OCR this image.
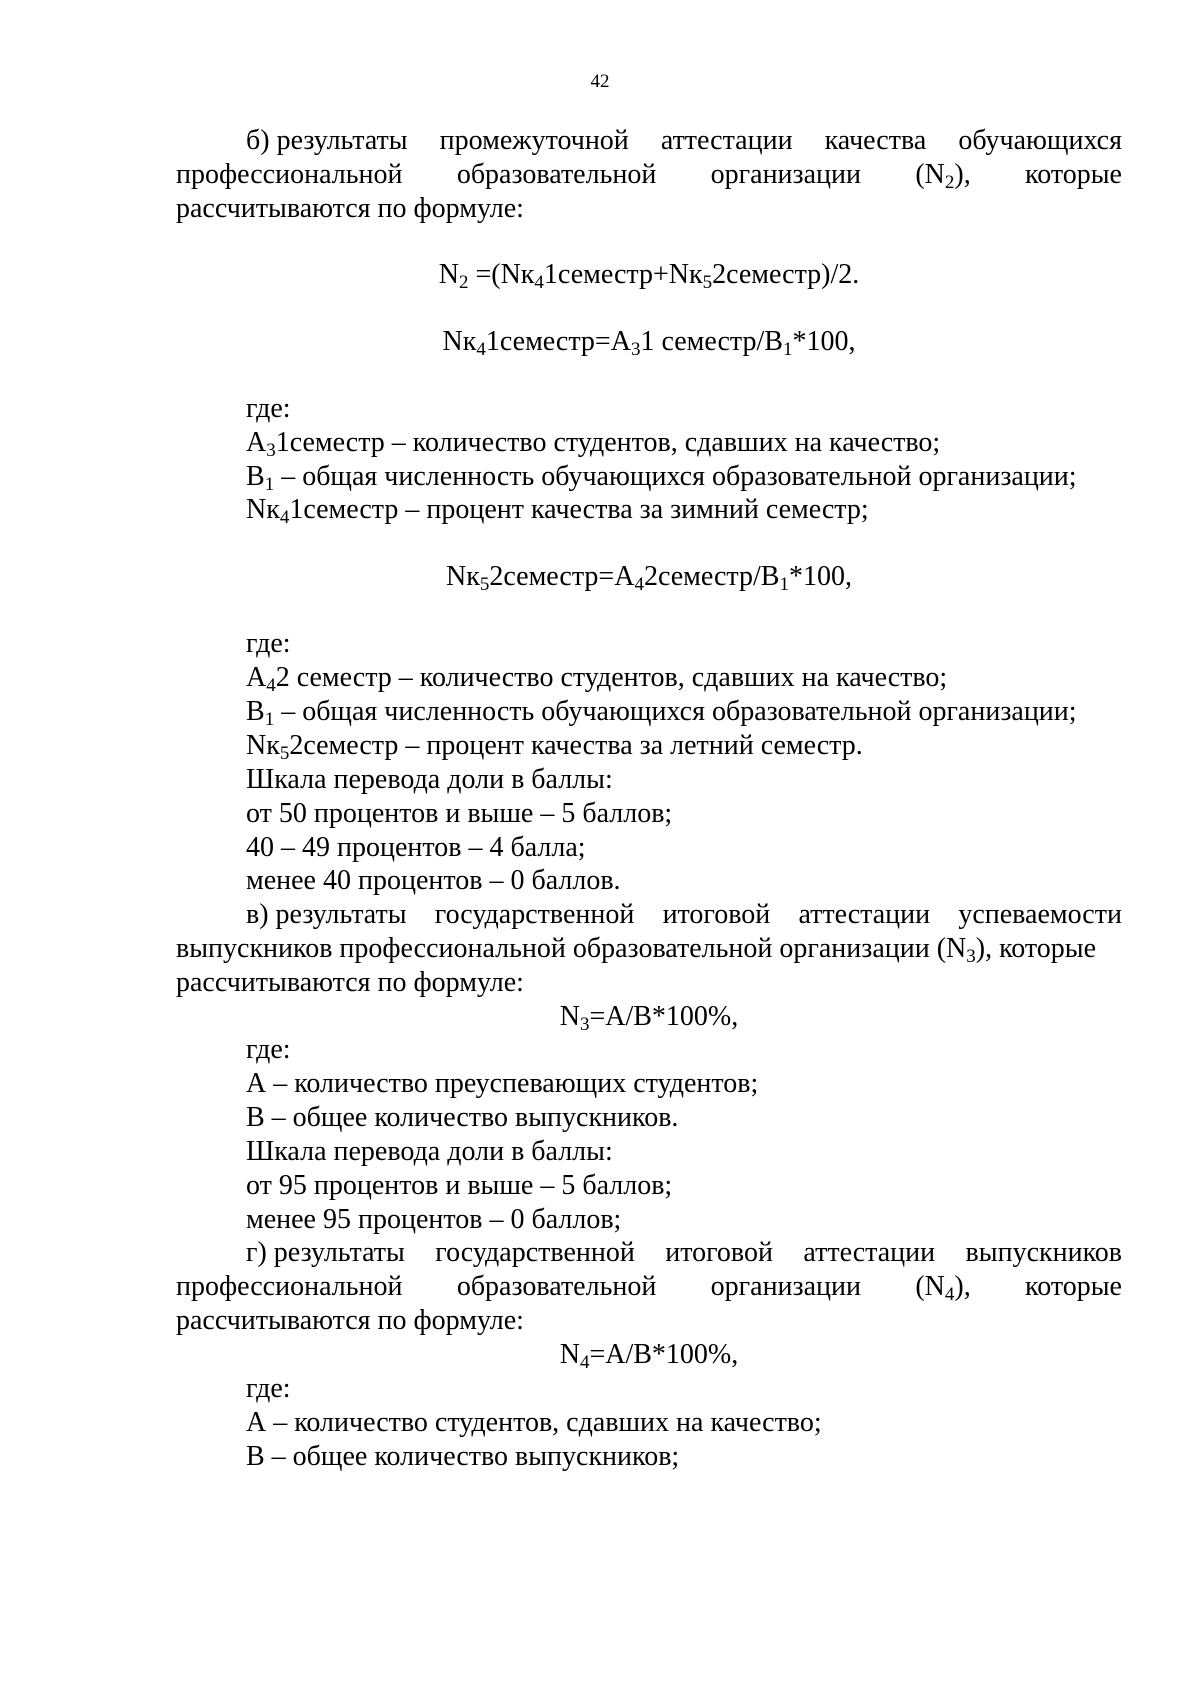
42
б) результаты промежуточной аттестации качества обучающихся
профессиональной образовательной организации $(N_2)$, которые
рассчитываются по формуле:
$N_2$ $=(Nк_41семестр+Nк_52семестр)/2$.
$Nк_41семестр=А_31$ семестр/$В_1*100$,
где:
$А_31семестр$ – количество студентов, сдавших на качество;
$В_1$ – общая численность обучающихся образовательной организации;
$Nк_41семестр$ – процент качества за зимний семестр;
$Nк_52семестр=А_42семестр/В_1*100$,
где:
$А_42$ семестр – количество студентов, сдавших на качество;
$В_1$ – общая численность обучающихся образовательной организации;
$Nк_52семестр$ – процент качества за летний семестр.
Шкала перевода доли в баллы:
от 50 процентов и выше – 5 баллов;
40 – 49 процентов – 4 балла;
менее 40 процентов – 0 баллов.
в) результаты государственной итоговой аттестации успеваемости
выпускников профессиональной образовательной организации $(N_3)$, которые
рассчитываются по формуле:
$N_3=А/В*100\%$,
где:
А – количество преуспевающих студентов;
В – общее количество выпускников.
Шкала перевода доли в баллы:
от 95 процентов и выше – 5 баллов;
менее 95 процентов – 0 баллов;
г) результаты государственной итоговой аттестации выпускников
профессиональной образовательной организации $(N_4)$, которые
рассчитываются по формуле:
$N_4=А/В*100\%$,
где:
А – количество студентов, сдавших на качество;
В – общее количество выпускников;
